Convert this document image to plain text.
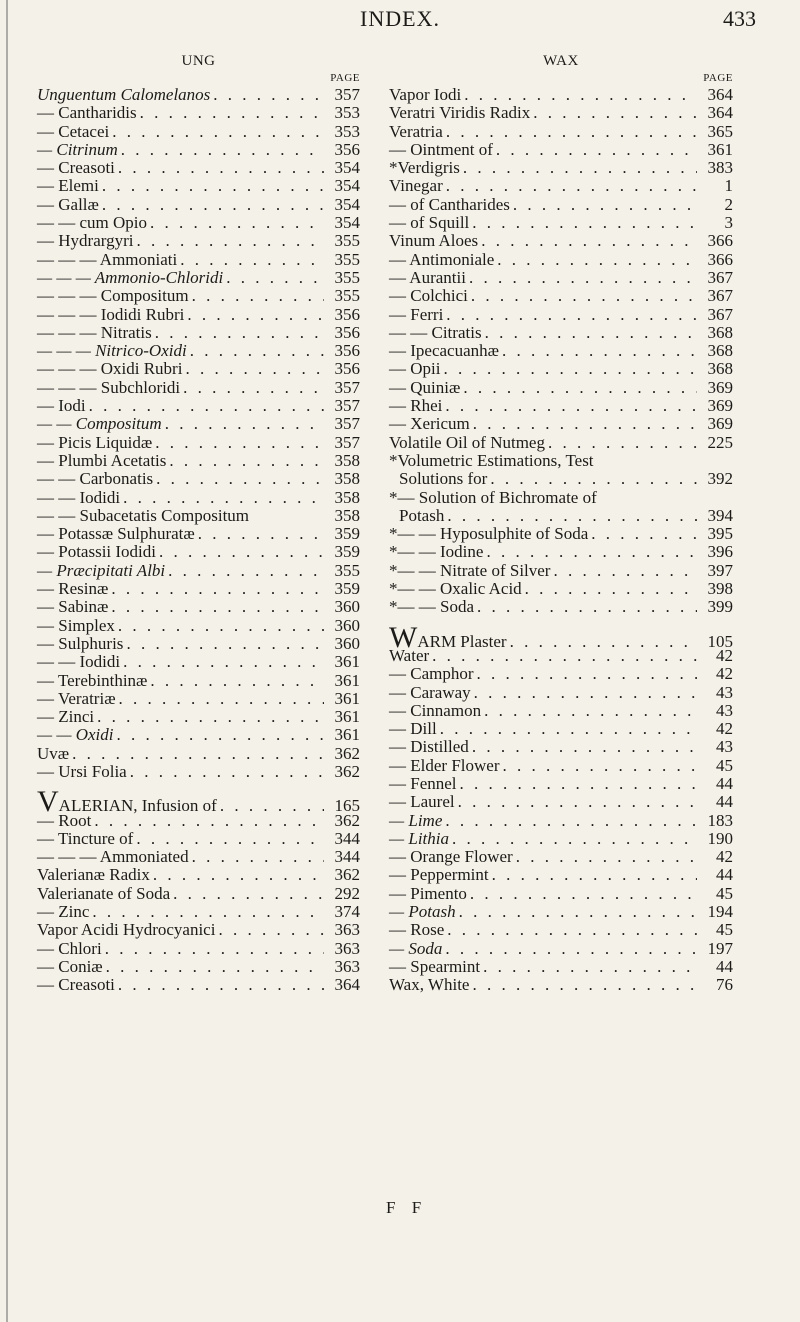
INDEX.	433
UNG
PAGE
Unguentum Calomelanos . . .	357
— Cantharidis . . .	353
— Cetacei . . .	353
— Citrinum . . .	356
— Creasoti . . .	354
— Elemi . . .	354
— Gallæ . . .	354
— — cum Opio . . .	354
— Hydrargyri . . .	355
— — — Ammoniati . . .	355
— — — Ammonio-Chloridi . . .	355
— — — Compositum . . .	355
— — — Iodidi Rubri . . .	356
— — — Nitratis . . .	356
— — — Nitrico-Oxidi . . .	356
— — — Oxidi Rubri . . .	356
— — — Subchloridi . . .	357
— Iodi . . .	357
— — Compositum . . .	357
— Picis Liquidæ . . .	357
— Plumbi Acetatis . . .	358
— — Carbonatis . . .	358
— — Iodidi . . .	358
— — Subacetatis Compositum	358
— Potassæ Sulphuratæ . . .	359
— Potassii Iodidi . . .	359
— Præcipitati Albi . . .	355
— Resinæ . . .	359
— Sabinæ . . .	360
— Simplex . . .	360
— Sulphuris . . .	360
— — Iodidi . . .	361
— Terebinthinæ . . .	361
— Veratriæ . . .	361
— Zinci . . .	361
— — Oxidi . . .	361
Uvæ . . .	362
— Ursi Folia . . .	362
VALERIAN, Infusion of . . .	165
— Root . . .	362
— Tincture of . . .	344
— — — Ammoniated . . .	344
Valerianæ Radix . . .	362
Valerianate of Soda . . .	292
— Zinc . . .	374
Vapor Acidi Hydrocyanici . . .	363
— Chlori . . .	363
— Coniæ . . .	363
— Creasoti . . .	364
WAX
PAGE
Vapor Iodi . . .	364
Veratri Viridis Radix . . .	364
Veratria . . .	365
— Ointment of . . .	361
*Verdigris . . .	383
Vinegar . . .	1
— of Cantharides . . .	2
— of Squill . . .	3
Vinum Aloes . . .	366
— Antimoniale . . .	366
— Aurantii . . .	367
— Colchici . . .	367
— Ferri . . .	367
— — Citratis . . .	368
— Ipecacuanhæ . . .	368
— Opii . . .	368
— Quiniæ . . .	369
— Rhei . . .	369
— Xericum . . .	369
Volatile Oil of Nutmeg . . .	225
*Volumetric Estimations, Test
Solutions for . . .	392
*— Solution of Bichromate of
Potash . . .	394
*— — Hyposulphite of Soda . . .	395
*— — Iodine . . .	396
*— — Nitrate of Silver . . .	397
*— — Oxalic Acid . . .	398
*— — Soda . . .	399
WARM Plaster . . .	105
Water . . .	42
— Camphor . . .	42
— Caraway . . .	43
— Cinnamon . . .	43
— Dill . . .	42
— Distilled . . .	43
— Elder Flower . . .	45
— Fennel . . .	44
— Laurel . . .	44
— Lime . . .	183
— Lithia . . .	190
— Orange Flower . . .	42
— Peppermint . . .	44
— Pimento . . .	45
— Potash . . .	194
— Rose . . .	45
— Soda . . .	197
— Spearmint . . .	44
Wax, White . . .	76
F F
